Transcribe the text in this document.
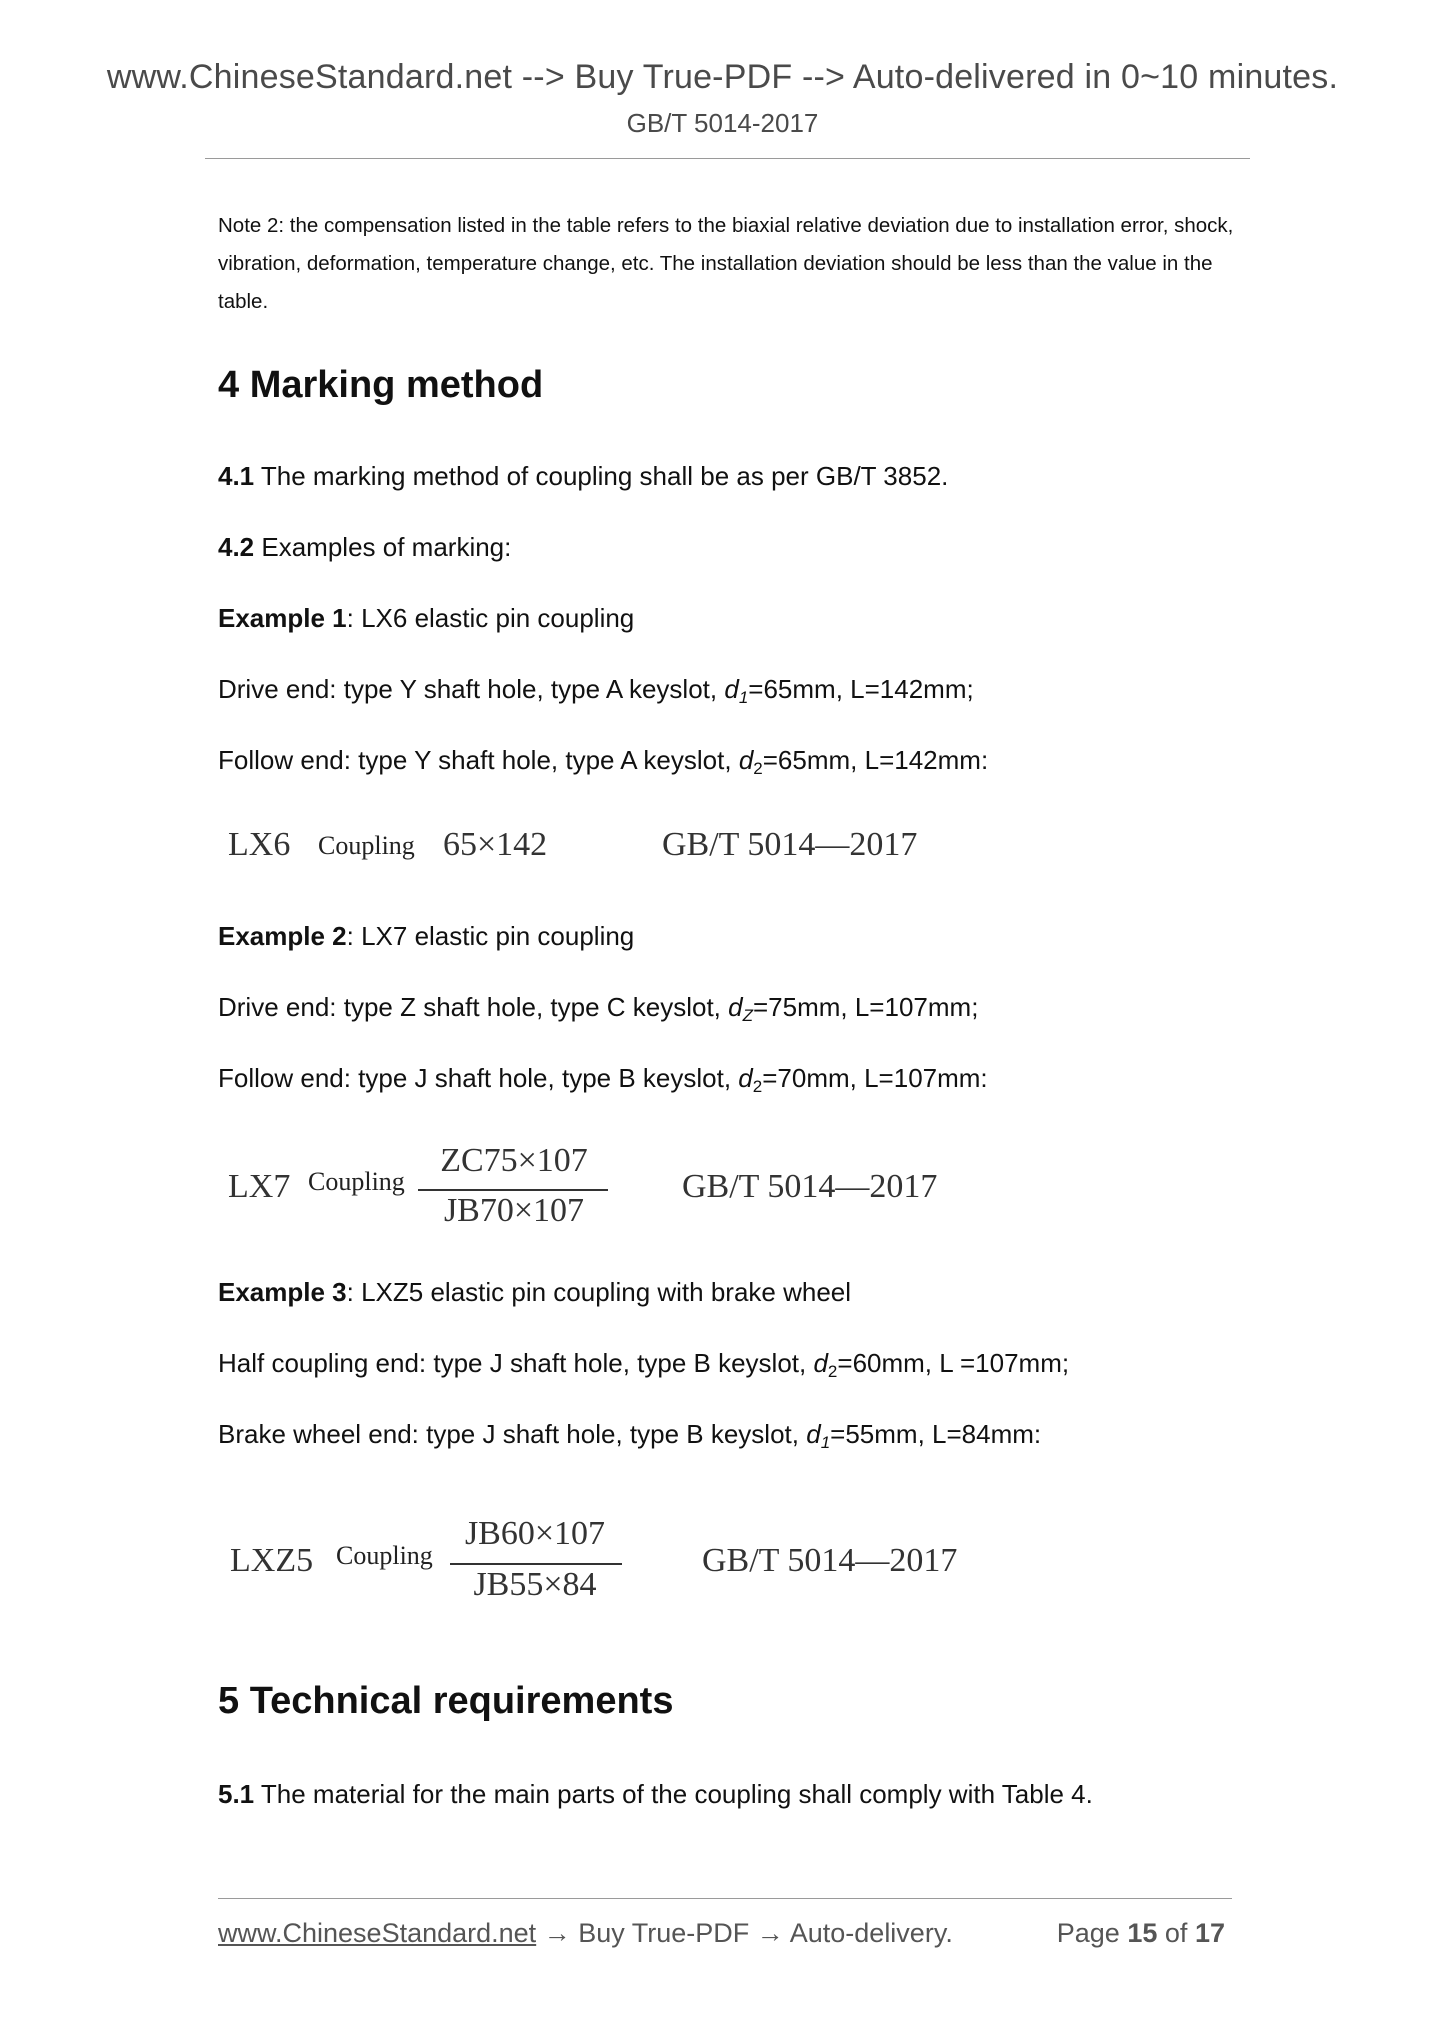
www.ChineseStandard.net --> Buy True-PDF --> Auto-delivered in 0~10 minutes.
GB/T 5014-2017
Note 2: the compensation listed in the table refers to the biaxial relative deviation due to installation error, shock, vibration, deformation, temperature change, etc. The installation deviation should be less than the value in the table.
4 Marking method
4.1 The marking method of coupling shall be as per GB/T 3852.
4.2 Examples of marking:
Example 1: LX6 elastic pin coupling
Drive end: type Y shaft hole, type A keyslot, $d_1=65mm$, L=142mm;
Follow end: type Y shaft hole, type A keyslot, $d_2=65mm$, L=142mm:
LX6 Coupling 65×142	GB/T 5014—2017
Example 2: LX7 elastic pin coupling
Drive end: type Z shaft hole, type C keyslot, $d_Z=75mm$, L=107mm;
Follow end: type J shaft hole, type B keyslot, $d_2=70mm$, L=107mm:
LX7 Coupling
ZC75×107
JB70×107
GB/T 5014—2017
Example 3: LXZ5 elastic pin coupling with brake wheel
Half coupling end: type J shaft hole, type B keyslot, $d_2=60mm$, L =107mm;
Brake wheel end: type J shaft hole, type B keyslot, $d_1=55mm$, L=84mm:
LXZ5 Coupling
JB60×107
JB55×84
GB/T 5014—2017
5 Technical requirements
5.1 The material for the main parts of the coupling shall comply with Table 4.
www.ChineseStandard.net → Buy True-PDF → Auto-delivery.	Page 15 of 17
